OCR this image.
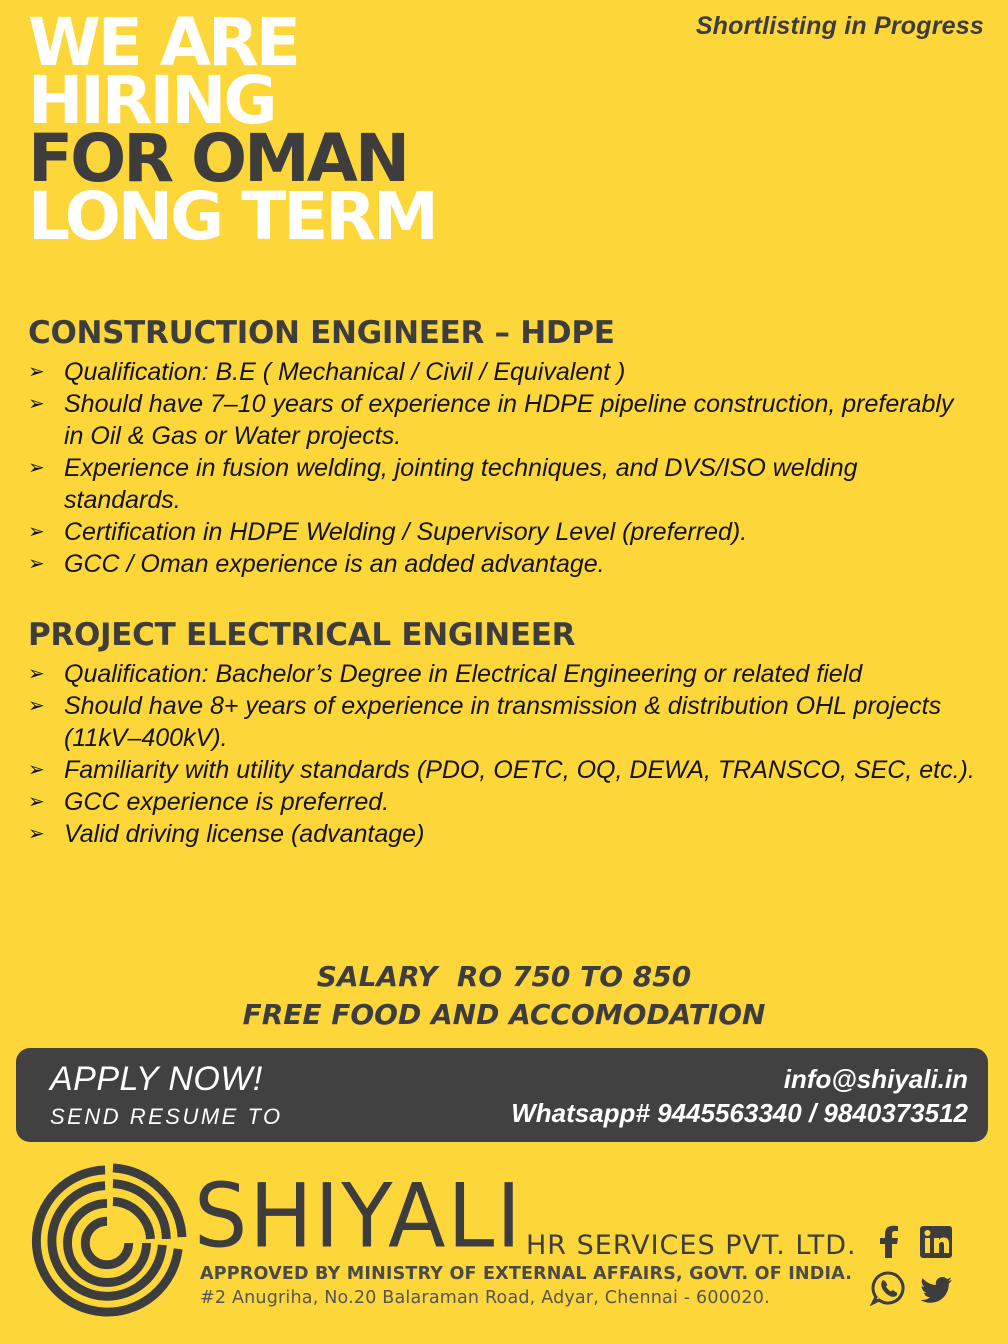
Shortlisting in Progress
WE ARE
HIRING
FOR OMAN
LONG TERM
CONSTRUCTION ENGINEER – HDPE
➢ Qualification: B.E ( Mechanical / Civil / Equivalent )
➢ Should have 7–10 years of experience in HDPE pipeline construction, preferably in Oil & Gas or Water projects.
➢ Experience in fusion welding, jointing techniques, and DVS/ISO welding standards.
➢ Certification in HDPE Welding / Supervisory Level (preferred).
➢ GCC / Oman experience is an added advantage.
PROJECT ELECTRICAL ENGINEER
➢ Qualification: Bachelor’s Degree in Electrical Engineering or related field
➢ Should have 8+ years of experience in transmission & distribution OHL projects (11kV–400kV).
➢ Familiarity with utility standards (PDO, OETC, OQ, DEWA, TRANSCO, SEC, etc.).
➢ GCC experience is preferred.
➢ Valid driving license (advantage)
SALARY  RO 750 TO 850
FREE FOOD AND ACCOMODATION
APPLY NOW!
SEND RESUME TO
info@shiyali.in
Whatsapp# 9445563340 / 9840373512
SHIYALI HR SERVICES PVT. LTD.
APPROVED BY MINISTRY OF EXTERNAL AFFAIRS, GOVT. OF INDIA.
#2 Anugriha, No.20 Balaraman Road, Adyar, Chennai - 600020.
